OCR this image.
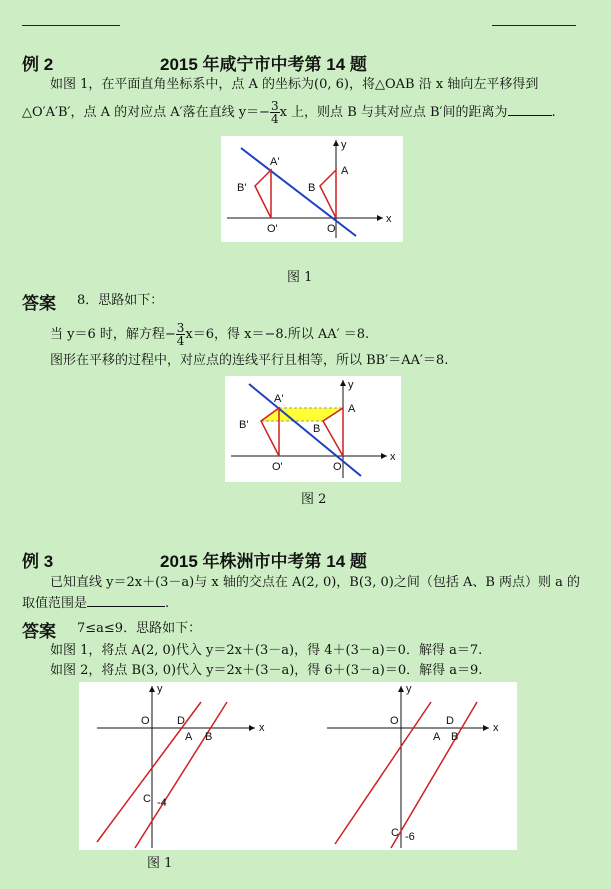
例 2	2015 年咸宁市中考第 14 题
如图 1，在平面直角坐标系中，点 A 的坐标为(0, 6)，将△OAB 沿 x 轴向左平移得到
△O′A′B′，点 A 的对应点 A′落在直线 $y=- \frac{3}{4}$ x 上，则点 B 与其对应点 B′间的距离为	.
A'
B'
O'
A
B
O
x
y
图 1
答案 8．思路如下：
当 y＝6 时，解方程− $\frac{3}{4} x=6$，得 x＝−8.所以 AA′ ＝8.
图形在平移的过程中，对应点的连线平行且相等，所以 BB′＝AA′＝8.
A'
B'
O'
A
B
O
x
y
图 2
例 3	2015 年株洲市中考第 14 题
已知直线 y＝2x＋(3－a)与 x 轴的交点在 A(2, 0)，B(3, 0)之间（包括 A、B 两点）则 a 的
取值范围是	.
答案 7≤a≤9．思路如下：
如图 1，将点 A(2, 0)代入 y＝2x＋(3－a)，得 4＋(3－a)＝0．解得 a＝7.
如图 2，将点 B(3, 0)代入 y＝2x＋(3－a)，得 6＋(3－a)＝0．解得 a＝9.
O D
A B
C -4
x
y
O	D
A B
C -6
x
y
图 1
